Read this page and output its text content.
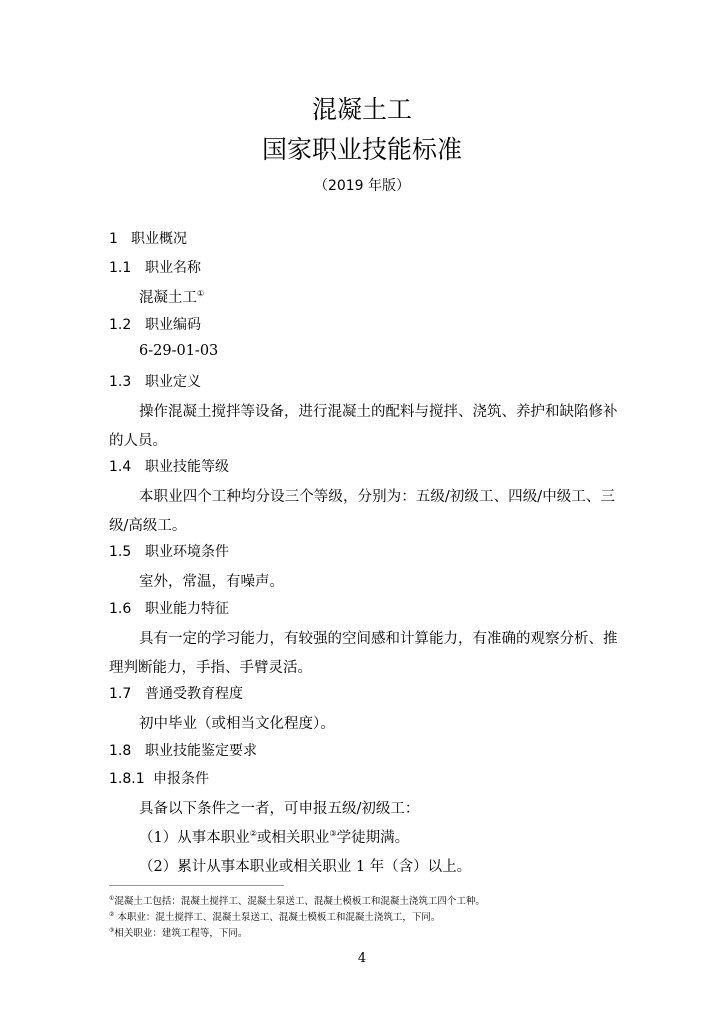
混凝土工
国家职业技能标准
（2019 年版）
1 职业概况
1.1 职业名称
混凝土工①
1.2 职业编码
6-29-01-03
1.3 职业定义
操作混凝土搅拌等设备，进行混凝土的配料与搅拌、浇筑、养护和缺陷修补
的人员。
1.4 职业技能等级
本职业四个工种均分设三个等级，分别为：五级/初级工、四级/中级工、三
级/高级工。
1.5 职业环境条件
室外，常温，有噪声。
1.6 职业能力特征
具有一定的学习能力，有较强的空间感和计算能力，有准确的观察分析、推
理判断能力，手指、手臂灵活。
1.7 普通受教育程度
初中毕业（或相当文化程度）。
1.8 职业技能鉴定要求
1.8.1 申报条件
具备以下条件之一者，可申报五级/初级工：
（1）从事本职业②或相关职业③学徒期满。
（2）累计从事本职业或相关职业 1 年（含）以上。
①混凝土工包括：混凝土搅拌工、混凝土泵送工、混凝土模板工和混凝土浇筑工四个工种。
② 本职业：混土搅拌工、混凝土泵送工、混凝土模板工和混凝土浇筑工，下同。
③相关职业：建筑工程等，下同。
4
